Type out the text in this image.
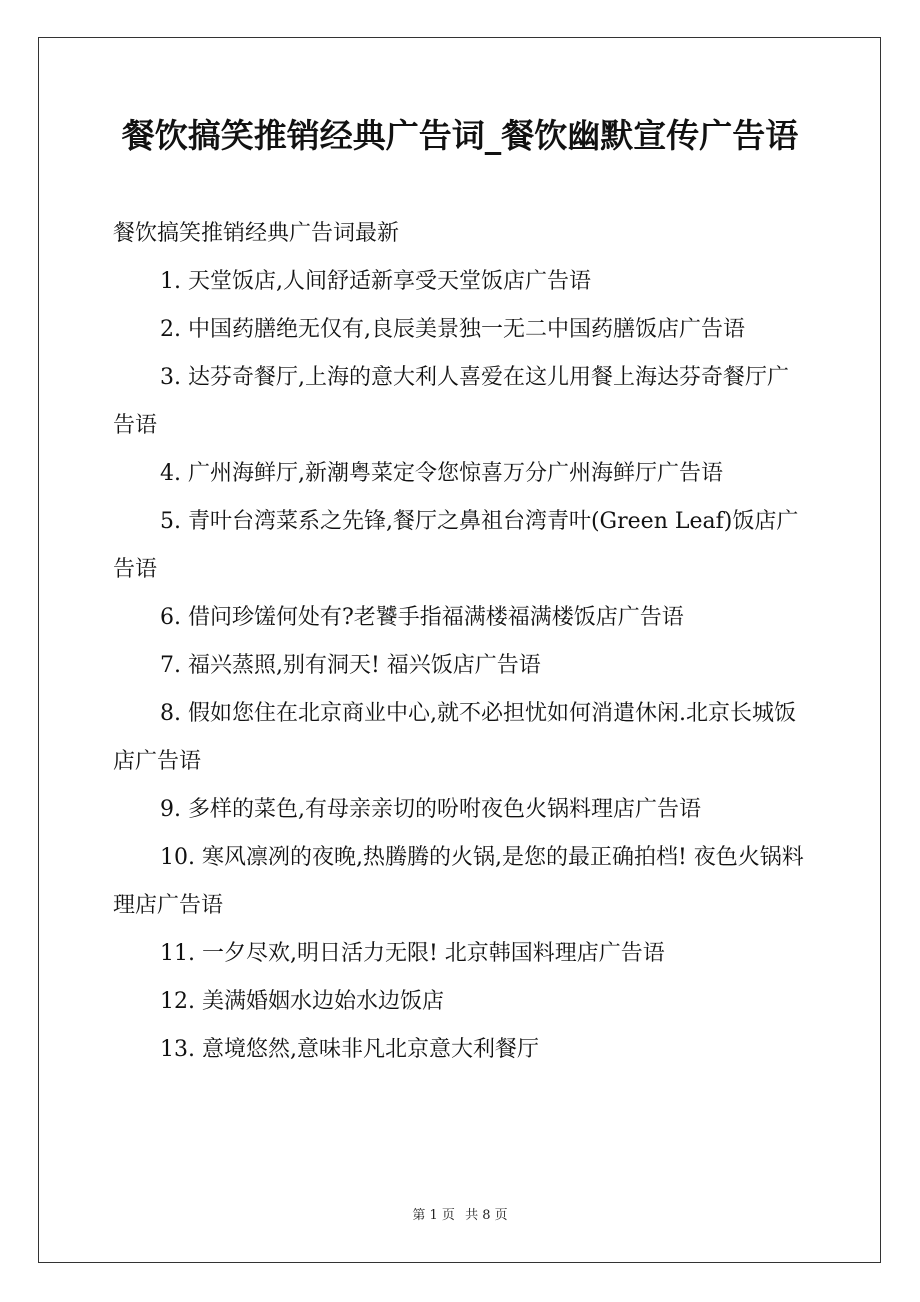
餐饮搞笑推销经典广告词_餐饮幽默宣传广告语

餐饮搞笑推销经典广告词最新

1. 天堂饭店,人间舒适新享受天堂饭店广告语

2. 中国药膳绝无仅有,良辰美景独一无二中国药膳饭店广告语

3. 达芬奇餐厅,上海的意大利人喜爱在这儿用餐上海达芬奇餐厅广告语

4. 广州海鲜厅,新潮粤菜定令您惊喜万分广州海鲜厅广告语

5. 青叶台湾菜系之先锋,餐厅之鼻祖台湾青叶(Green Leaf)饭店广告语

6. 借问珍馐何处有?老饕手指福满楼福满楼饭店广告语

7. 福兴蒸照,别有洞天! 福兴饭店广告语

8. 假如您住在北京商业中心,就不必担忧如何消遣休闲.北京长城饭店广告语

9. 多样的菜色,有母亲亲切的吩咐夜色火锅料理店广告语

10. 寒风凛冽的夜晚,热腾腾的火锅,是您的最正确拍档! 夜色火锅料理店广告语

11. 一夕尽欢,明日活力无限! 北京韩国料理店广告语

12. 美满婚姻水边始水边饭店

13. 意境悠然,意味非凡北京意大利餐厅

第 1 页 共 8 页
